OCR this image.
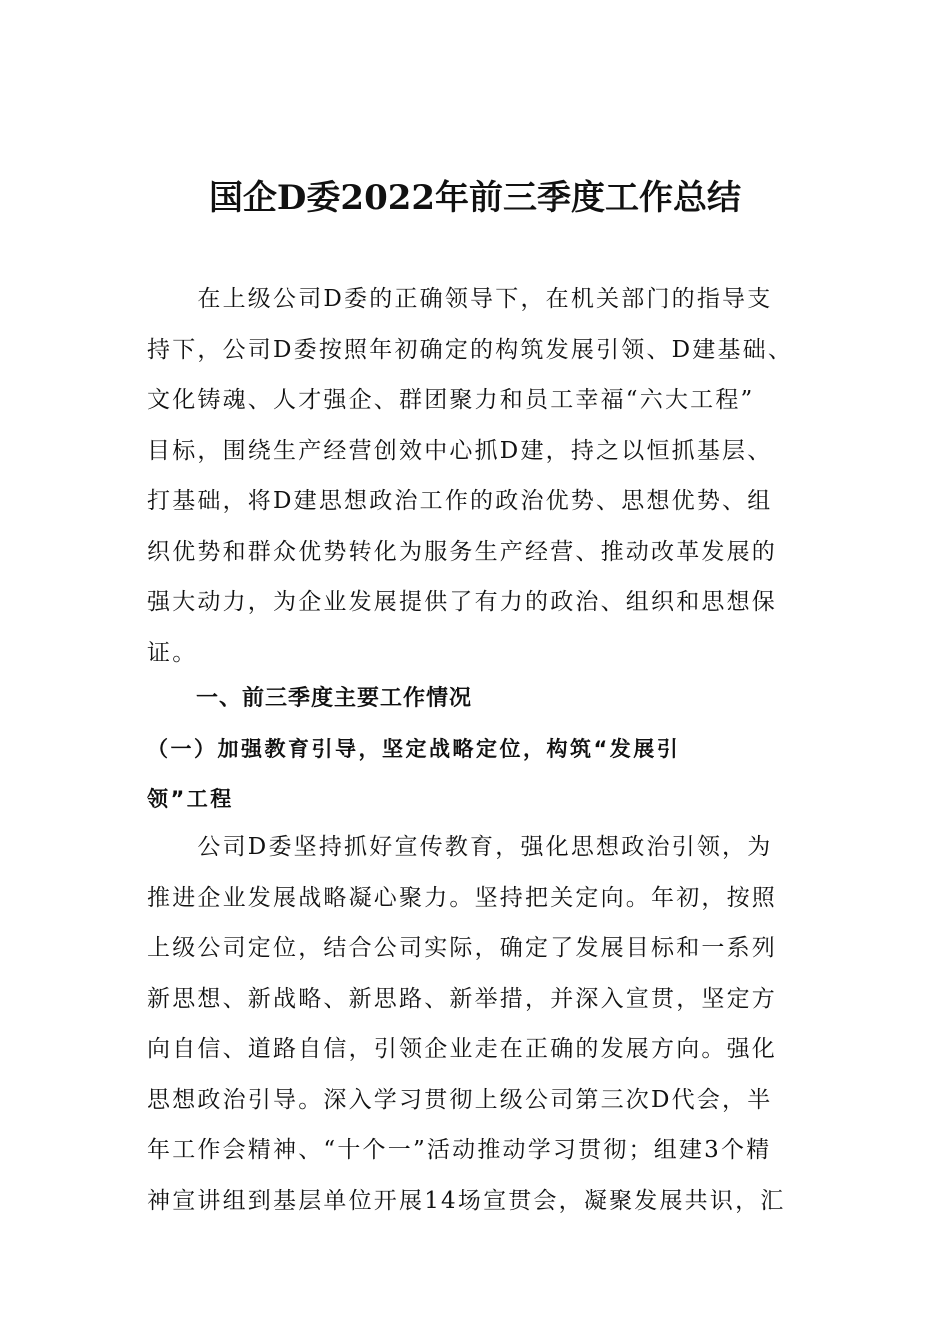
国企D委2022年前三季度工作总结
　　在上级公司D委的正确领导下，在机关部门的指导支
持下，公司D委按照年初确定的构筑发展引领、D建基础、
文化铸魂、人才强企、群团聚力和员工幸福“六大工程”
目标，围绕生产经营创效中心抓D建，持之以恒抓基层、
打基础，将D建思想政治工作的政治优势、思想优势、组
织优势和群众优势转化为服务生产经营、推动改革发展的
强大动力，为企业发展提供了有力的政治、组织和思想保
证。
一、前三季度主要工作情况
（一）加强教育引导，坚定战略定位，构筑“发展引
领”工程
　　公司D委坚持抓好宣传教育，强化思想政治引领，为
推进企业发展战略凝心聚力。坚持把关定向。年初，按照
上级公司定位，结合公司实际，确定了发展目标和一系列
新思想、新战略、新思路、新举措，并深入宣贯，坚定方
向自信、道路自信，引领企业走在正确的发展方向。强化
思想政治引导。深入学习贯彻上级公司第三次D代会，半
年工作会精神、“十个一”活动推动学习贯彻；组建3个精
神宣讲组到基层单位开展14场宣贯会，凝聚发展共识，汇
